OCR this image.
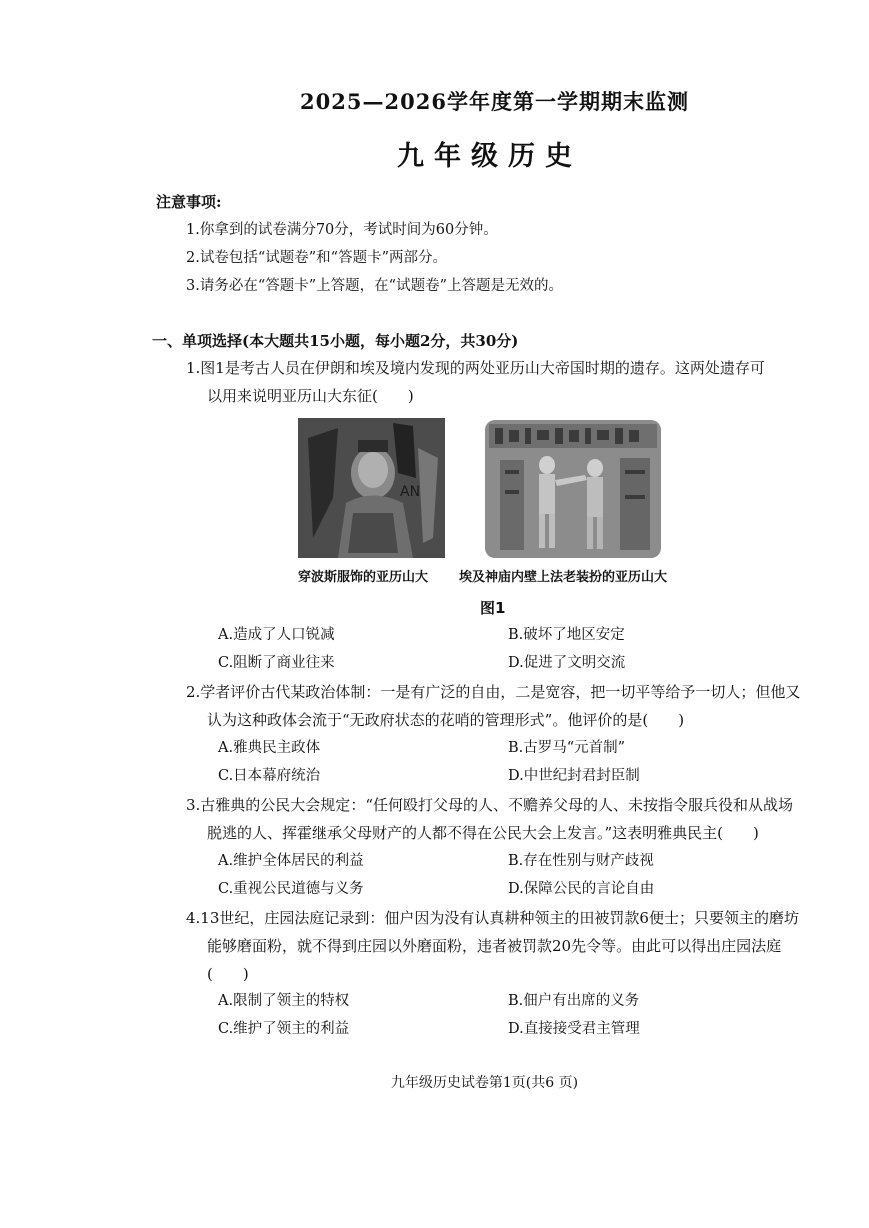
2025—2026学年度第一学期期末监测
九年级历史
注意事项:
1.你拿到的试卷满分70分，考试时间为60分钟。
2.试卷包括“试题卷”和“答题卡”两部分。
3.请务必在“答题卡”上答题，在“试题卷”上答题是无效的。
一、单项选择(本大题共15小题，每小题2分，共30分)
1.图1是考古人员在伊朗和埃及境内发现的两处亚历山大帝国时期的遗存。这两处遗存可
以用来说明亚历山大东征(　　)
AN
穿波斯服饰的亚历山大 埃及神庙内壁上法老装扮的亚历山大
图1
A.造成了人口锐减	B.破坏了地区安定
C.阻断了商业往来	D.促进了文明交流
2.学者评价古代某政治体制：一是有广泛的自由，二是宽容，把一切平等给予一切人；但他又
认为这种政体会流于“无政府状态的花哨的管理形式”。他评价的是(　　)
A.雅典民主政体	B.古罗马“元首制”
C.日本幕府统治	D.中世纪封君封臣制
3.古雅典的公民大会规定：“任何殴打父母的人、不赡养父母的人、未按指令服兵役和从战场
脱逃的人、挥霍继承父母财产的人都不得在公民大会上发言。”这表明雅典民主(　　)
A.维护全体居民的利益	B.存在性别与财产歧视
C.重视公民道德与义务	D.保障公民的言论自由
4.13世纪，庄园法庭记录到：佃户因为没有认真耕种领主的田被罚款6便士；只要领主的磨坊
能够磨面粉，就不得到庄园以外磨面粉，违者被罚款20先令等。由此可以得出庄园法庭
(　　)
A.限制了领主的特权	B.佃户有出席的义务
C.维护了领主的利益	D.直接接受君主管理
九年级历史试卷第1页(共6 页)
